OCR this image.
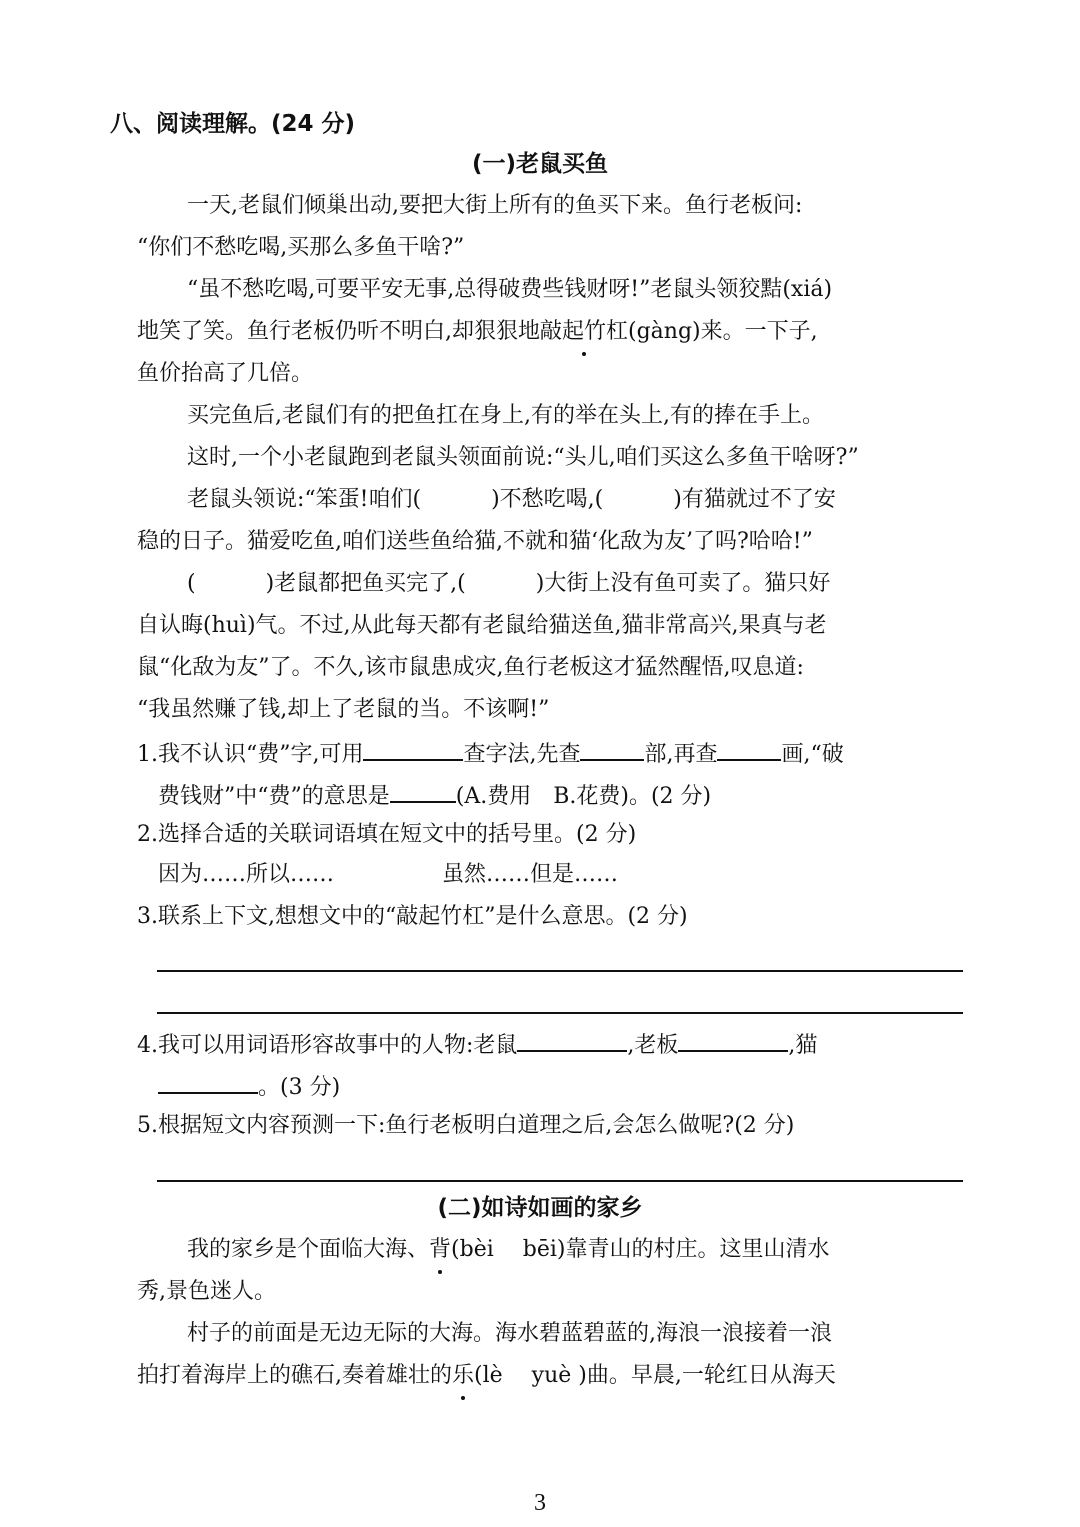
八、阅读理解。(24 分)
(一)老鼠买鱼
一天,老鼠们倾巢出动,要把大街上所有的鱼买下来。鱼行老板问:
“你们不愁吃喝,买那么多鱼干啥?”
“虽不愁吃喝,可要平安无事,总得破费些钱财呀!”老鼠头领狡黠(xiá)
地笑了笑。鱼行老板仍听不明白,却狠狠地敲起竹杠(gàng)来。一下子,
鱼价抬高了几倍。
买完鱼后,老鼠们有的把鱼扛在身上,有的举在头上,有的捧在手上。
这时,一个小老鼠跑到老鼠头领面前说:“头儿,咱们买这么多鱼干啥呀?”
老鼠头领说:“笨蛋!咱们(	)不愁吃喝,(	)有猫就过不了安
稳的日子。猫爱吃鱼,咱们送些鱼给猫,不就和猫‘化敌为友’了吗?哈哈!”
(	)老鼠都把鱼买完了,(	)大街上没有鱼可卖了。猫只好
自认晦(huì)气。不过,从此每天都有老鼠给猫送鱼,猫非常高兴,果真与老
鼠“化敌为友”了。不久,该市鼠患成灾,鱼行老板这才猛然醒悟,叹息道:
“我虽然赚了钱,却上了老鼠的当。不该啊!”
1.我不认识“费”字,可用	查字法,先查	部,再查	画,“破
费钱财”中“费”的意思是	(A.费用　B.花费)。(2 分)
2.选择合适的关联词语填在短文中的括号里。(2 分)
因为……所以……	虽然……但是……
3.联系上下文,想想文中的“敲起竹杠”是什么意思。(2 分)
4.我可以用词语形容故事中的人物:老鼠	,老板	,猫
。(3 分)
5.根据短文内容预测一下:鱼行老板明白道理之后,会怎么做呢?(2 分)
(二)如诗如画的家乡
我的家乡是个面临大海、背(bèi　 bēi)靠青山的村庄。这里山清水
秀,景色迷人。
村子的前面是无边无际的大海。海水碧蓝碧蓝的,海浪一浪接着一浪
拍打着海岸上的礁石,奏着雄壮的乐(lè　 yuè )曲。早晨,一轮红日从海天
3
